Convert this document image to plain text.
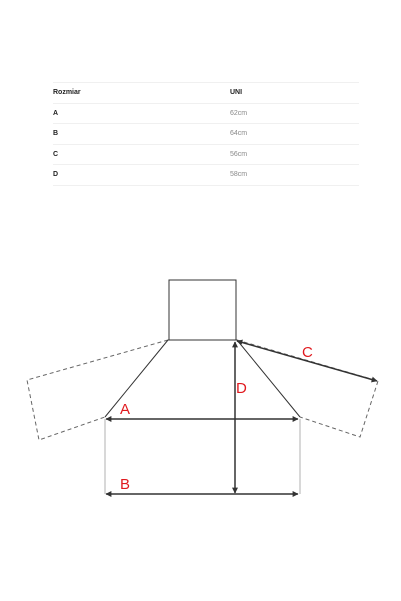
Rozmiar	UNI
A	62cm
B	64cm
C	56cm
D	58cm
A
B
C
D
